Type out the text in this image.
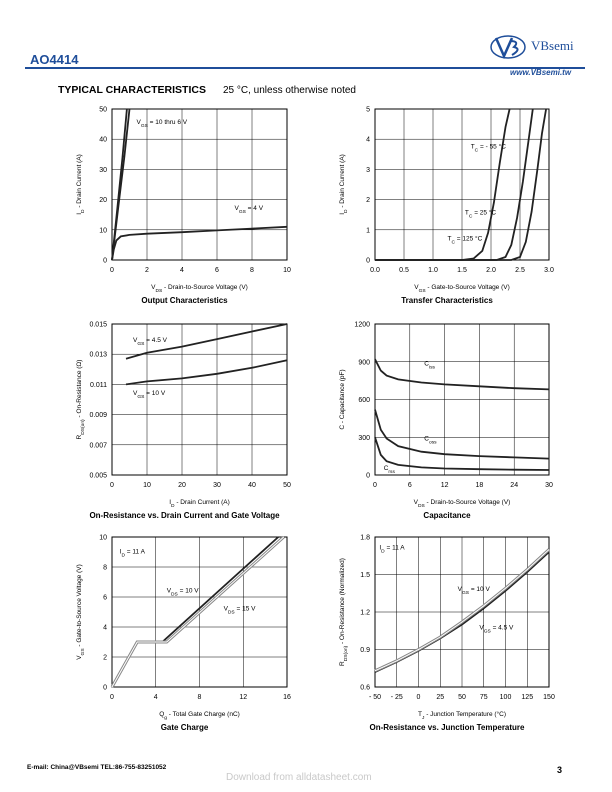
AO4414
VBsemi
www.VBsemi.tw
TYPICAL CHARACTERISTICS 25 °C, unless otherwise noted
0	2	4	6	8	10
0
10
20
30
40
50
$V_{GS} = 10$ thru 6 V
$V_{GS} = 4$ V
$V_{DS}$ - Drain-to-Source Voltage (V)
$I_D$ - Drain Current (A)
Output Characteristics
0.0	0.5	1.0	1.5	2.0	2.5	3.0
0
1
2
3
4
5
$T_C$ = - 55 °C
$T_C = 25$ °C
$T_C = 125$ °C
$V_{GS}$ - Gate-to-Source Voltage (V)
$I_D$ - Drain Current (A)
Transfer Characteristics
0	10	20	30	40	50
0.005
0.007
0.009
0.011
0.013
0.015
$V_{GS} = 4.5$ V
$V_{GS} = 10$ V
$I_D$ - Drain Current (A)
$R_{DS(on)}$ - On-Resistance (Ω)
On-Resistance vs. Drain Current and Gate Voltage
0	6	12	18	24	30
0
300
600
900
1200
$C_{iss}$
$C_{oss}$
$C_{rss}$
$V_{DS}$ - Drain-to-Source Voltage (V)
C - Capacitance (pF)
Capacitance
0	4	8	12	16
0
2
4
6
8
10
$I_D = 11$ A
$V_{DS} = 10$ V
$V_{DS} = 15$ V
$Q_g$ - Total Gate Charge (nC)
$V_{GS}$ - Gate-to-Source Voltage (V)
Gate Charge
- 50 - 25 0 25 50 75 100 125 150
0.6
0.9
1.2
1.5
1.8
$I_D = 11$ A
$V_{GS} = 10$ V
$V_{GS} = 4.5$ V
$T_J$ - Junction Temperature (°C)
$R_{DS(on)}$ - On-Resistance (Normalized)
On-Resistance vs. Junction Temperature
E-mail: China@VBsemi TEL:86-755-83251052	3
Download from alldatasheet.com
